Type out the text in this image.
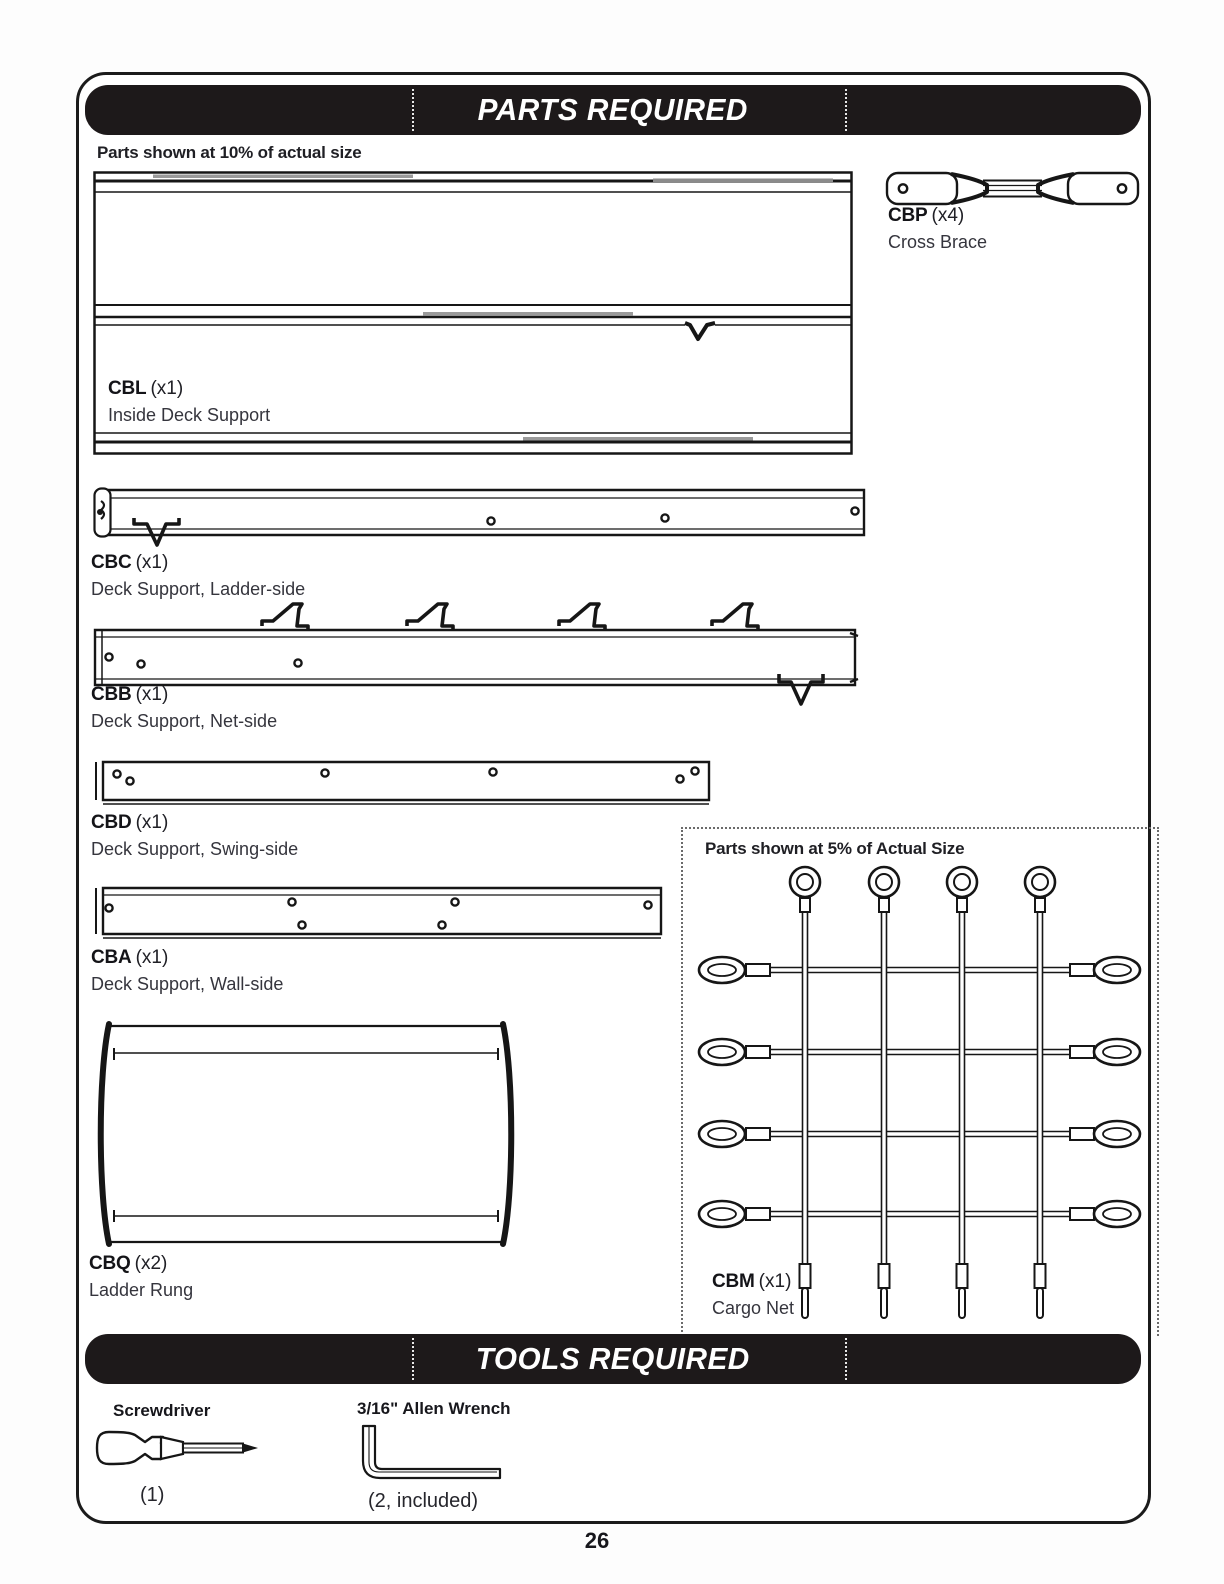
PARTS REQUIRED
Parts shown at 10% of actual size
CBL (x1)
Inside Deck Support
CBP (x4)
Cross Brace
CBC (x1)
Deck Support, Ladder-side
CBB (x1)
Deck Support, Net-side
CBD (x1)
Deck Support, Swing-side
CBA (x1)
Deck Support, Wall-side
CBQ (x2)
Ladder Rung
Parts shown at 5% of Actual Size
CBM (x1)
Cargo Net
TOOLS REQUIRED
Screwdriver
(1)
3/16" Allen Wrench
(2, included)
26
